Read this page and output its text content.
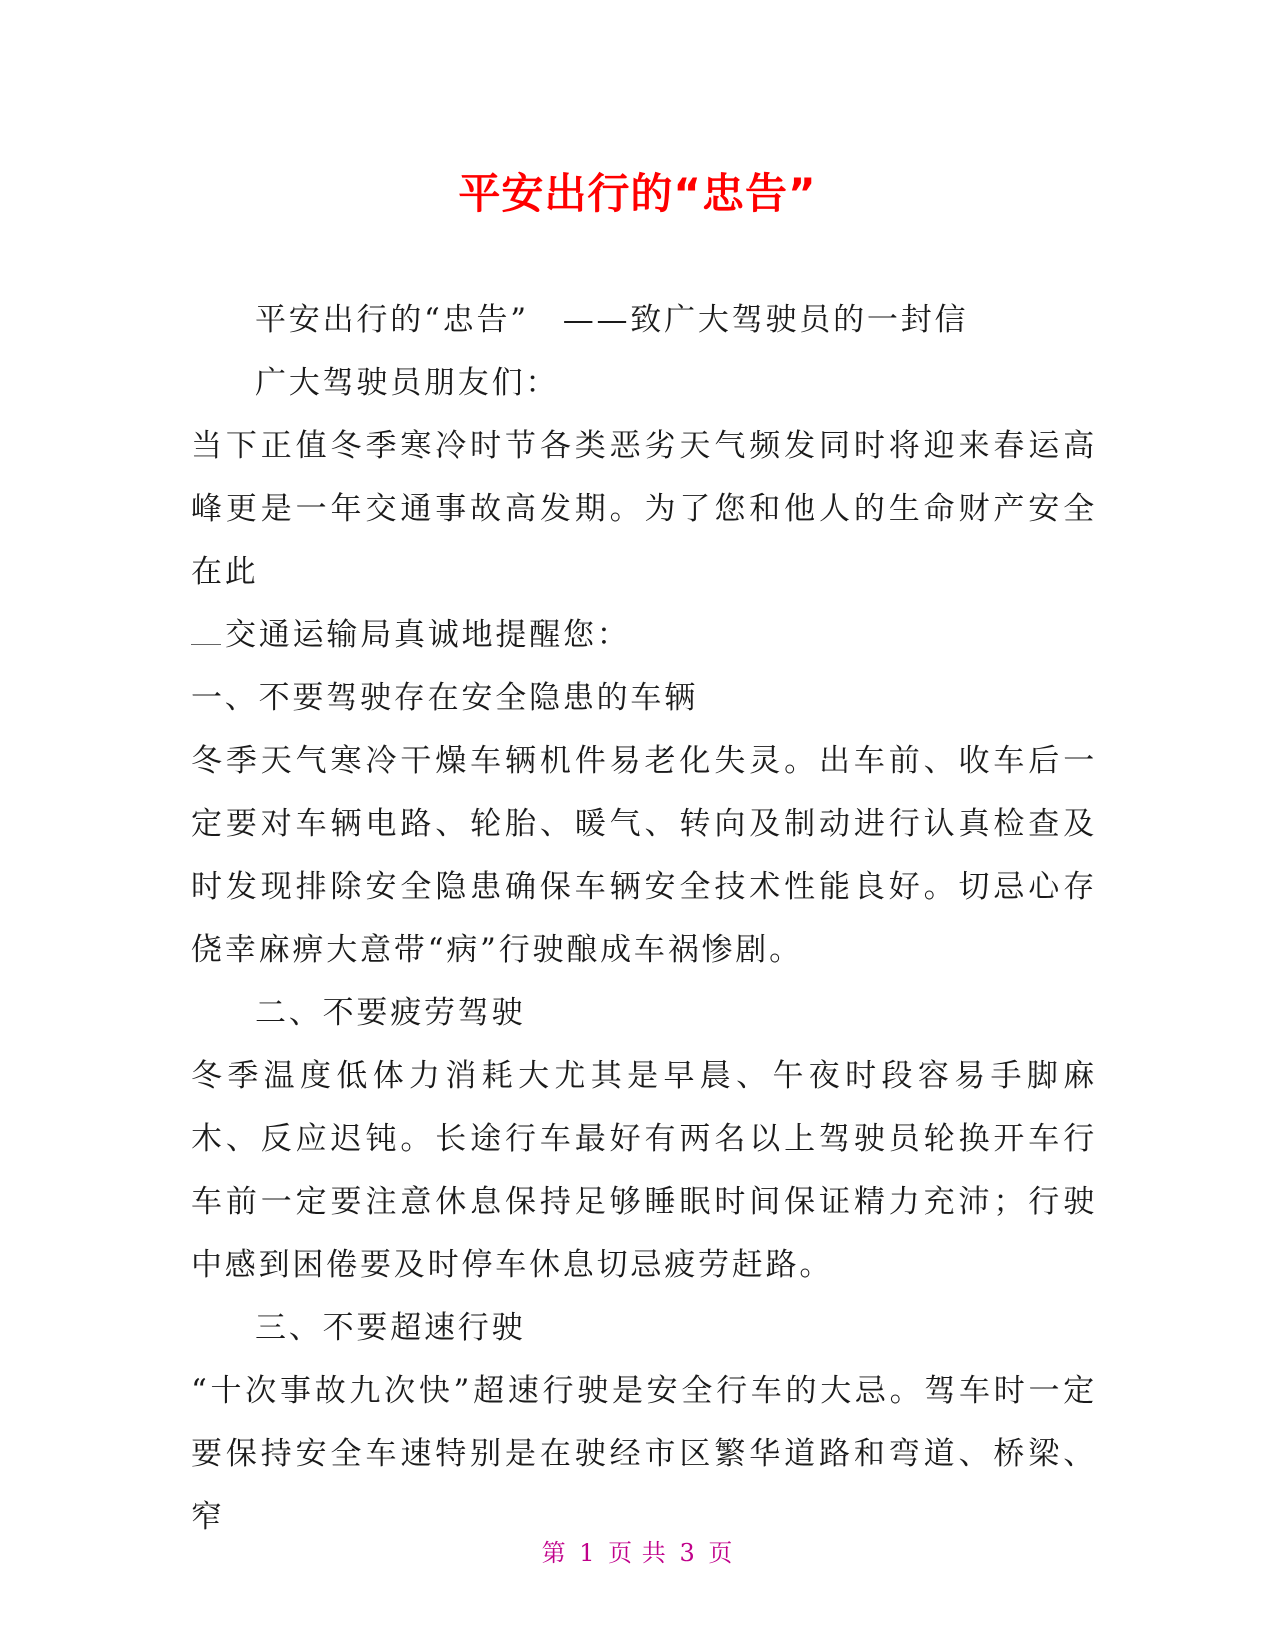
平安出行的“忠告”

平安出行的“忠告”　——致广大驾驶员的一封信

广大驾驶员朋友们：

当下正值冬季寒冷时节各类恶劣天气频发同时将迎来春运高峰更是一年交通事故高发期。为了您和他人的生命财产安全在此

交通运输局真诚地提醒您：

一、不要驾驶存在安全隐患的车辆

冬季天气寒冷干燥车辆机件易老化失灵。出车前、收车后一定要对车辆电路、轮胎、暖气、转向及制动进行认真检查及时发现排除安全隐患确保车辆安全技术性能良好。切忌心存侥幸麻痹大意带“病”行驶酿成车祸惨剧。

二、不要疲劳驾驶

冬季温度低体力消耗大尤其是早晨、午夜时段容易手脚麻木、反应迟钝。长途行车最好有两名以上驾驶员轮换开车行车前一定要注意休息保持足够睡眠时间保证精力充沛；行驶中感到困倦要及时停车休息切忌疲劳赶路。

三、不要超速行驶

“十次事故九次快”超速行驶是安全行车的大忌。驾车时一定要保持安全车速特别是在驶经市区繁华道路和弯道、桥梁、窄

第 1 页 共 3 页
